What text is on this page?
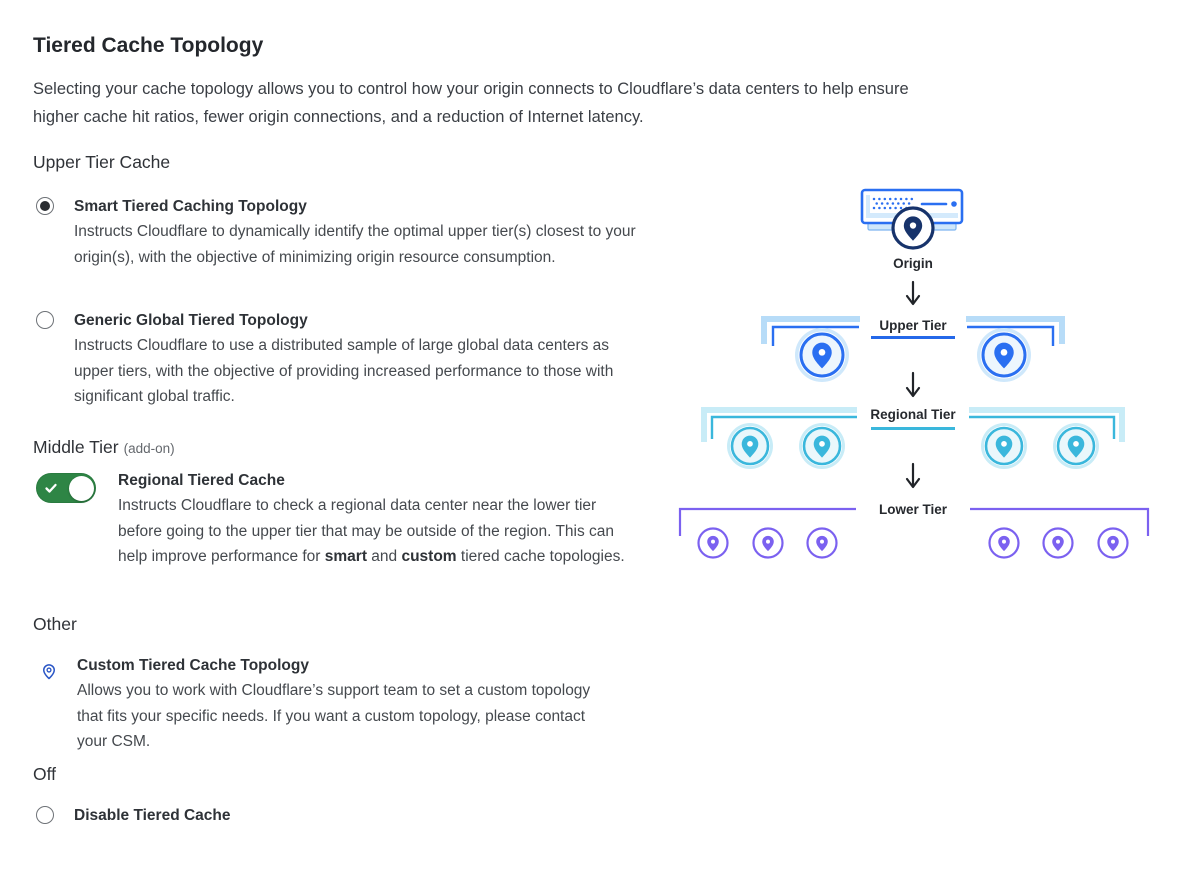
Tiered Cache Topology
Selecting your cache topology allows you to control how your origin connects to Cloudflare’s data centers to help ensure higher cache hit ratios, fewer origin connections, and a reduction of Internet latency.
Upper Tier Cache
Smart Tiered Caching Topology
Instructs Cloudflare to dynamically identify the optimal upper tier(s) closest to your origin(s), with the objective of minimizing origin resource consumption.
Generic Global Tiered Topology
Instructs Cloudflare to use a distributed sample of large global data centers as upper tiers, with the objective of providing increased performance to those with significant global traffic.
Middle Tier (add-on)
Regional Tiered Cache
Instructs Cloudflare to check a regional data center near the lower tier before going to the upper tier that may be outside of the region. This can help improve performance for smart and custom tiered cache topologies.
Other
Custom Tiered Cache Topology
Allows you to work with Cloudflare’s support team to set a custom topology that fits your specific needs. If you want a custom topology, please contact your CSM.
Off
Disable Tiered Cache
Origin
Upper Tier
Regional Tier
Lower Tier
